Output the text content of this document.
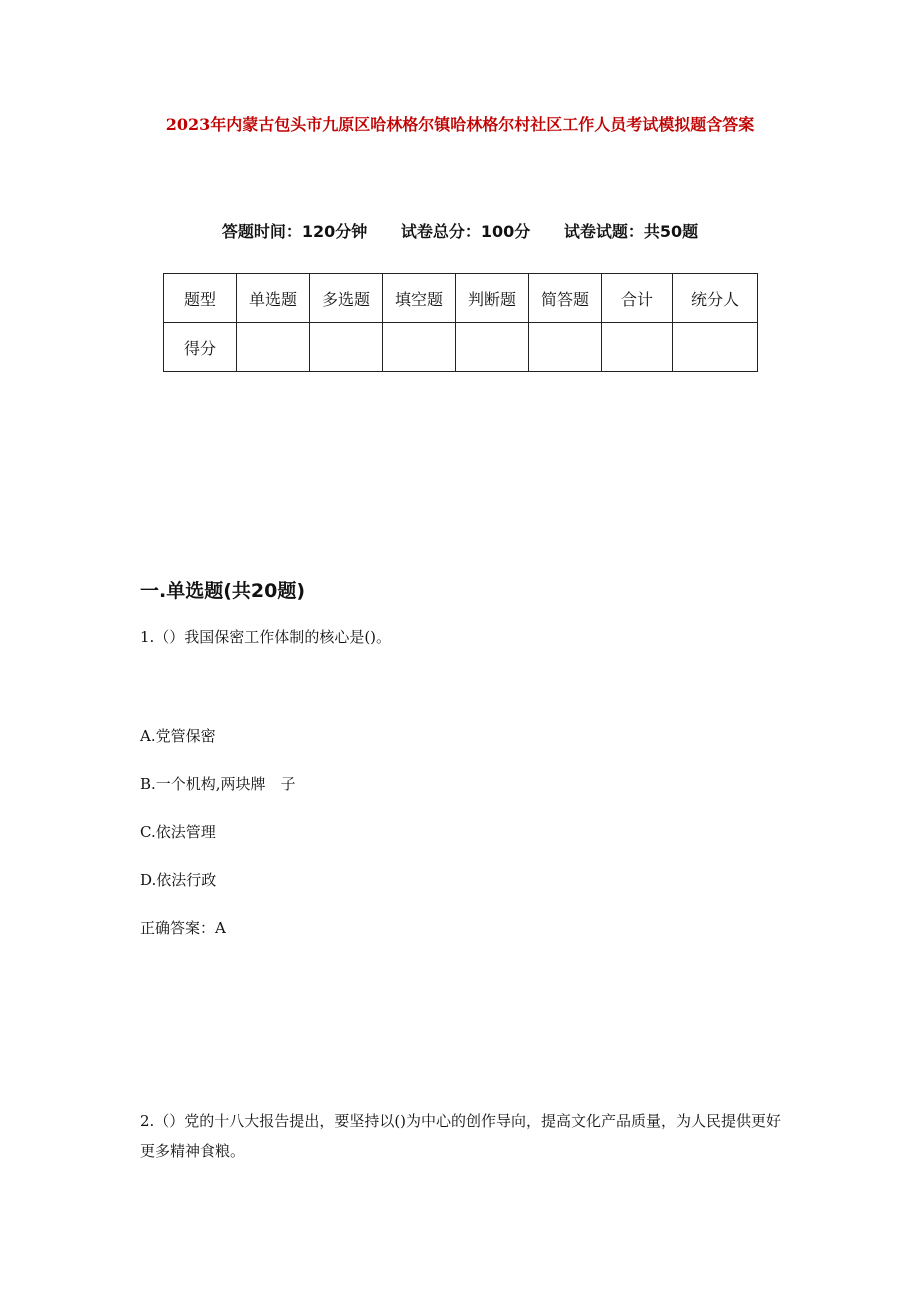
2023年内蒙古包头市九原区哈林格尔镇哈林格尔村社区工作人员考试模拟题含答案
答题时间：120分钟 试卷总分：100分 试卷试题：共50题
题型	单选题	多选题	填空题	判断题	简答题	合计	统分人
得分							
一.单选题(共20题)
1.（）我国保密工作体制的核心是()。
A.党管保密
B.一个机构,两块牌　子
C.依法管理
D.依法行政
正确答案：A
2.（）党的十八大报告提出，要坚持以()为中心的创作导向，提高文化产品质量，为人民提供更好更多精神食粮。
